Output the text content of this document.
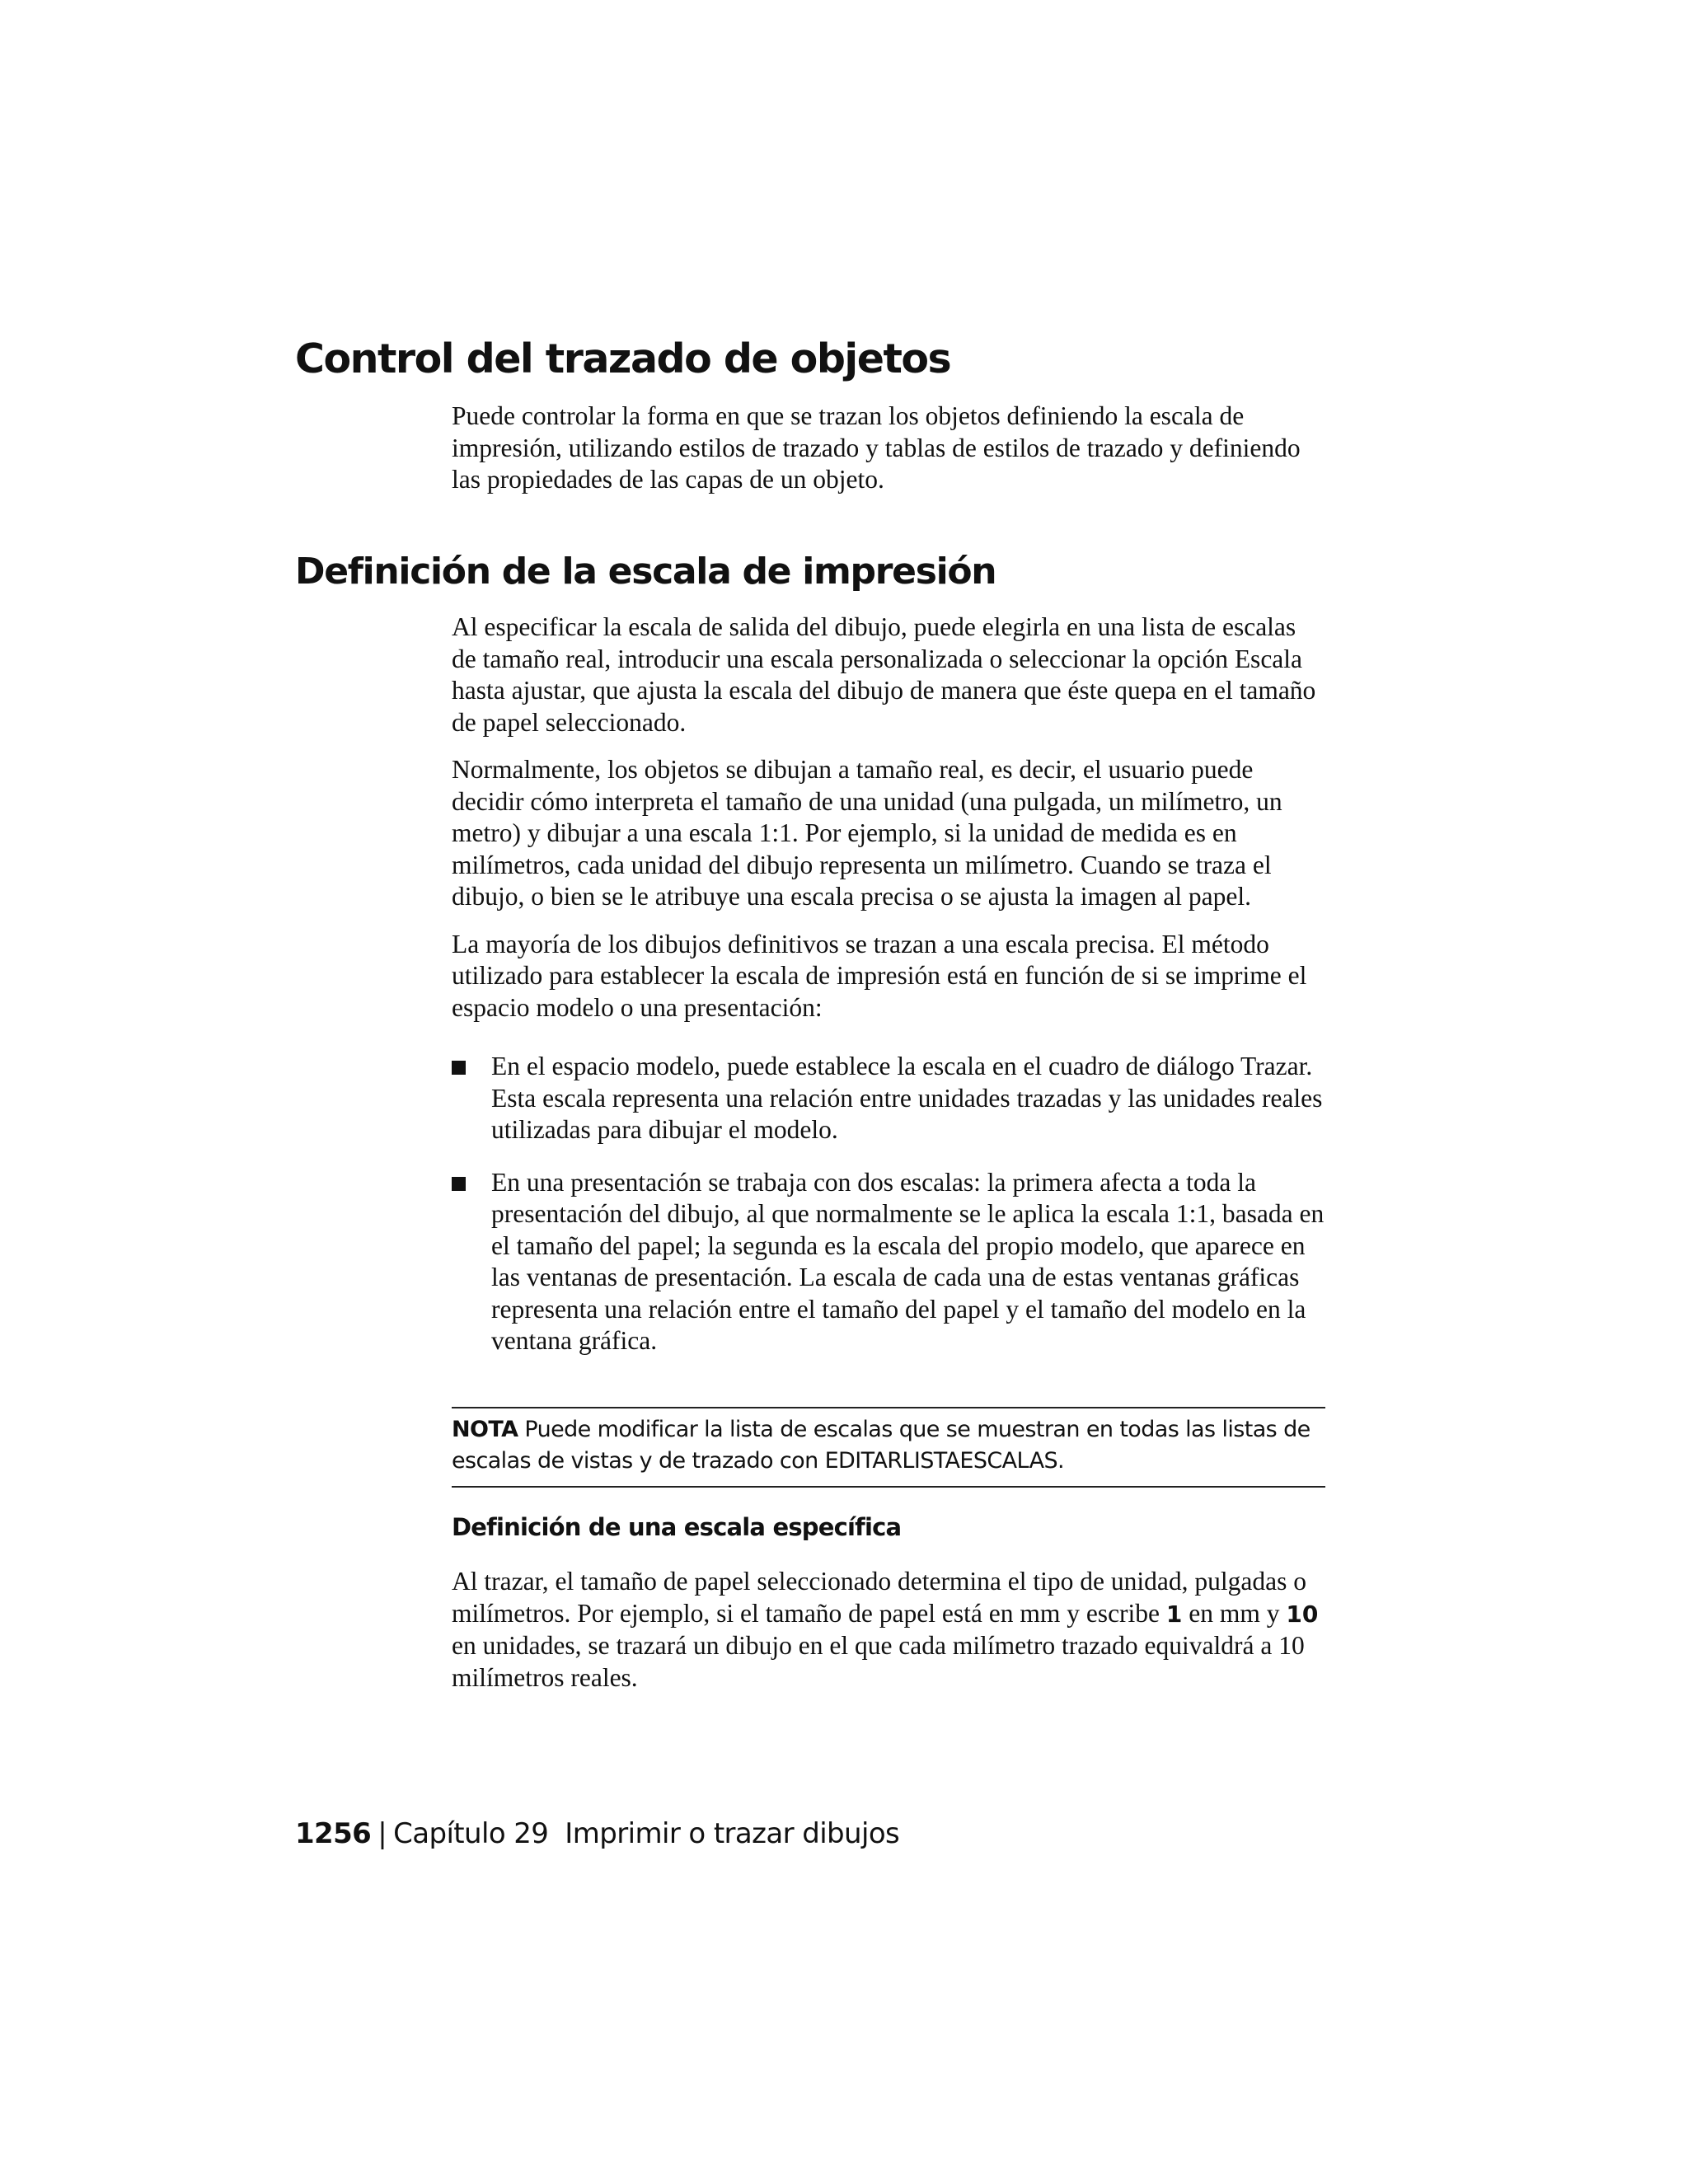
Control del trazado de objetos

Puede controlar la forma en que se trazan los objetos definiendo la escala de impresión, utilizando estilos de trazado y tablas de estilos de trazado y definiendo las propiedades de las capas de un objeto.

Definición de la escala de impresión

Al especificar la escala de salida del dibujo, puede elegirla en una lista de escalas de tamaño real, introducir una escala personalizada o seleccionar la opción Escala hasta ajustar, que ajusta la escala del dibujo de manera que éste quepa en el tamaño de papel seleccionado.

Normalmente, los objetos se dibujan a tamaño real, es decir, el usuario puede decidir cómo interpreta el tamaño de una unidad (una pulgada, un milímetro, un metro) y dibujar a una escala 1:1. Por ejemplo, si la unidad de medida es en milímetros, cada unidad del dibujo representa un milímetro. Cuando se traza el dibujo, o bien se le atribuye una escala precisa o se ajusta la imagen al papel.

La mayoría de los dibujos definitivos se trazan a una escala precisa. El método utilizado para establecer la escala de impresión está en función de si se imprime el espacio modelo o una presentación:

En el espacio modelo, puede establece la escala en el cuadro de diálogo Trazar. Esta escala representa una relación entre unidades trazadas y las unidades reales utilizadas para dibujar el modelo.
En una presentación se trabaja con dos escalas: la primera afecta a toda la presentación del dibujo, al que normalmente se le aplica la escala 1:1, basada en el tamaño del papel; la segunda es la escala del propio modelo, que aparece en las ventanas de presentación. La escala de cada una de estas ventanas gráficas representa una relación entre el tamaño del papel y el tamaño del modelo en la ventana gráfica.
NOTA Puede modificar la lista de escalas que se muestran en todas las listas de escalas de vistas y de trazado con EDITARLISTAESCALAS.
Definición de una escala específica

Al trazar, el tamaño de papel seleccionado determina el tipo de unidad, pulgadas o milímetros. Por ejemplo, si el tamaño de papel está en mm y escribe 1 en mm y 10 en unidades, se trazará un dibujo en el que cada milímetro trazado equivaldrá a 10 milímetros reales.

1256 | Capítulo 29 Imprimir o trazar dibujos
